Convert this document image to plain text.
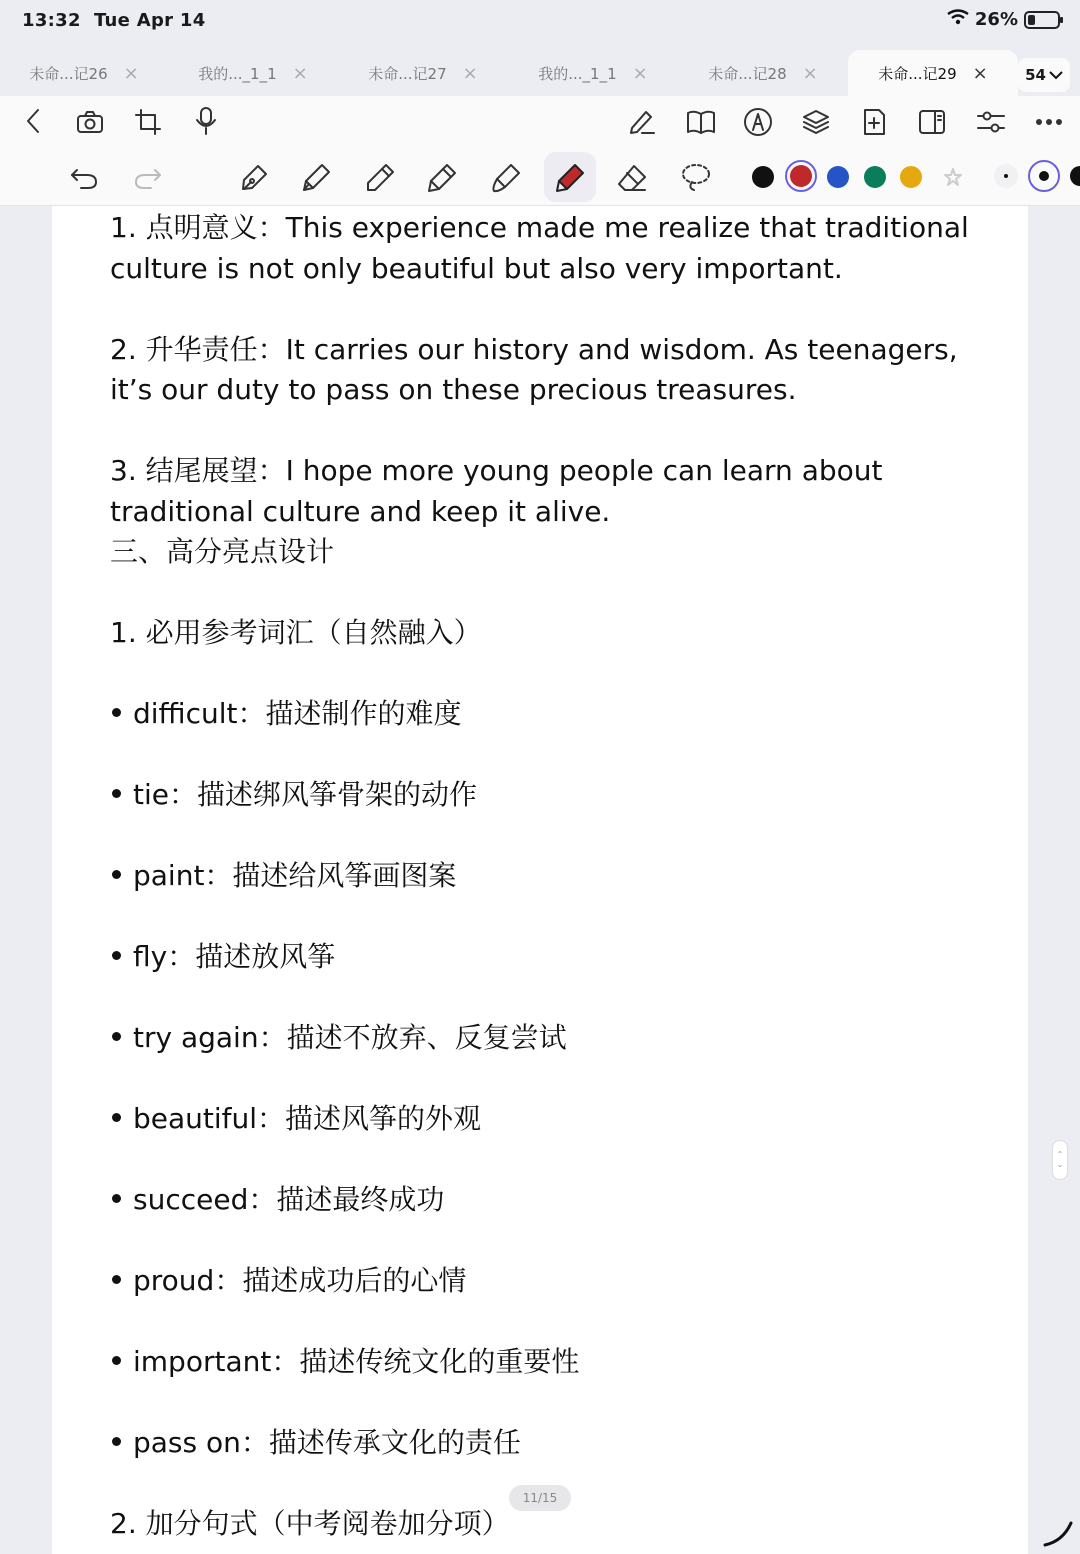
13:32 Tue Apr 14	26%
未命...记26 ×	我的..._1_1 ×	未命...记27 ×	我的..._1_1 ×	未命...记28 ×	未命...记29 × 54

1. 点明意义：This experience made me realize that traditional

culture is not only beautiful but also very important.

2. 升华责任：It carries our history and wisdom. As teenagers,

it’s our duty to pass on these precious treasures.

3. 结尾展望：I hope more young people can learn about

traditional culture and keep it alive.

三、高分亮点设计

1. 必用参考词汇（自然融入）

difficult：描述制作的难度

tie：描述绑风筝骨架的动作

paint：描述给风筝画图案

fly：描述放风筝

try again：描述不放弃、反复尝试

beautiful：描述风筝的外观

succeed：描述最终成功

proud：描述成功后的心情

important：描述传统文化的重要性

pass on：描述传承文化的责任

2. 加分句式（中考阅卷加分项）

11/15
⌃
⌄
